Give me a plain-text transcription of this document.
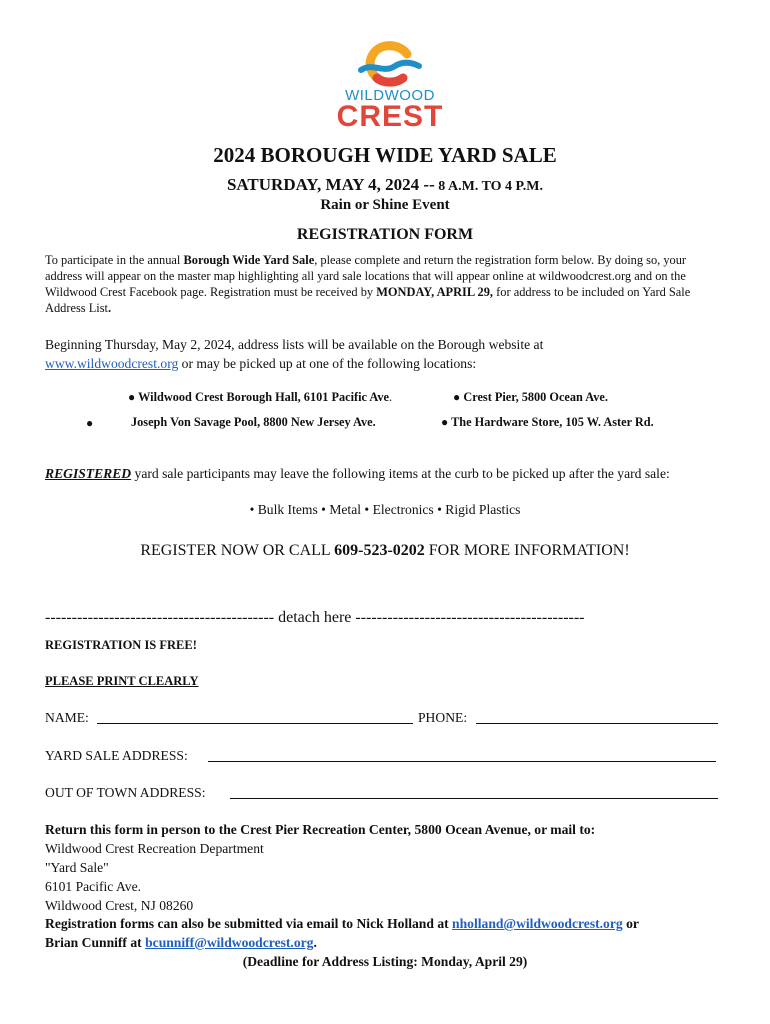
WILDWOOD
CREST
2024 BOROUGH WIDE YARD SALE
SATURDAY, MAY 4, 2024 -- 8 A.M. TO 4 P.M.
Rain or Shine Event
REGISTRATION FORM
To participate in the annual Borough Wide Yard Sale, please complete and return the registration form below. By doing so, your address will appear on the master map highlighting all yard sale locations that will appear online at wildwoodcrest.org and on the Wildwood Crest Facebook page. Registration must be received by MONDAY, APRIL 29, for address to be included on Yard Sale Address List.
Beginning Thursday, May 2, 2024, address lists will be available on the Borough website at
www.wildwoodcrest.org or may be picked up at one of the following locations:
● Wildwood Crest Borough Hall, 6101 Pacific Ave.	● Crest Pier, 5800 Ocean Ave.
●	Joseph Von Savage Pool, 8800 New Jersey Ave.	● The Hardware Store, 105 W. Aster Rd.
REGISTERED yard sale participants may leave the following items at the curb to be picked up after the yard sale:
• Bulk Items • Metal • Electronics • Rigid Plastics
REGISTER NOW OR CALL 609-523-0202 FOR MORE INFORMATION!
------------------------------------------- detach here -------------------------------------------
REGISTRATION IS FREE!
PLEASE PRINT CLEARLY
NAME:	PHONE:
YARD SALE ADDRESS:
OUT OF TOWN ADDRESS:
Return this form in person to the Crest Pier Recreation Center, 5800 Ocean Avenue, or mail to:
Wildwood Crest Recreation Department
"Yard Sale"
6101 Pacific Ave.
Wildwood Crest, NJ 08260
Registration forms can also be submitted via email to Nick Holland at nholland@wildwoodcrest.org or
Brian Cunniff at bcunniff@wildwoodcrest.org.
(Deadline for Address Listing: Monday, April 29)
